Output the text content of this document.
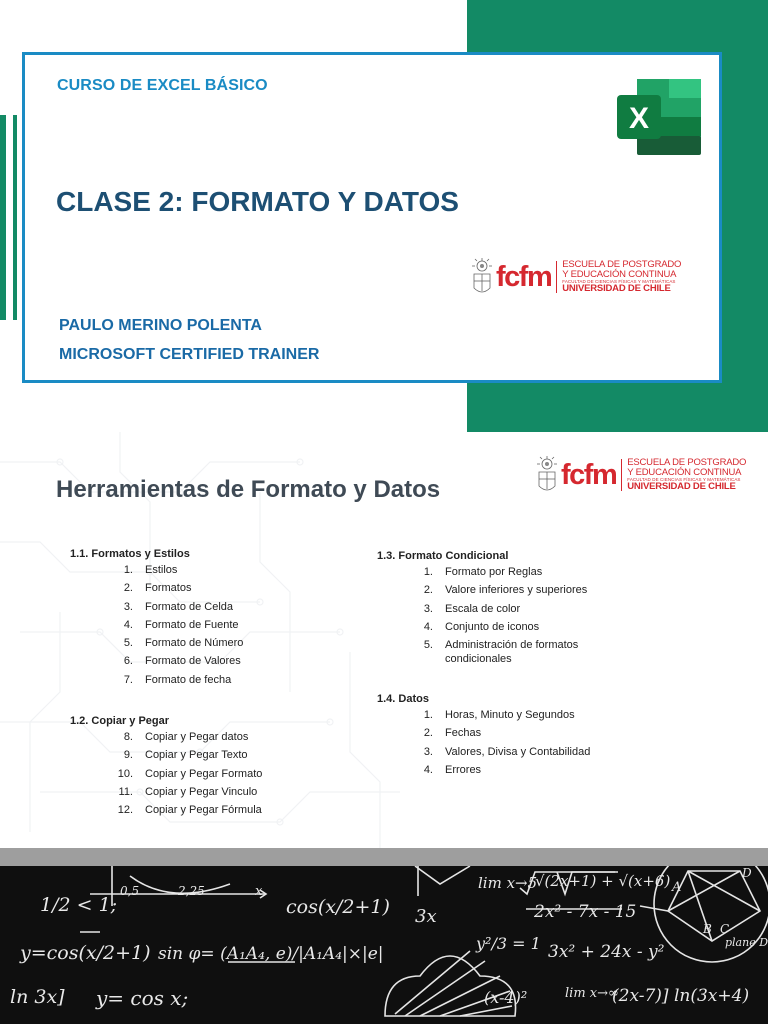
CURSO DE EXCEL BÁSICO
CLASE 2: FORMATO Y DATOS
PAULO MERINO POLENTA
MICROSOFT CERTIFIED TRAINER
X
fcfm ESCUELA DE POSTGRADO
Y EDUCACIÓN CONTINUA
FACULTAD DE CIENCIAS FÍSICAS Y MATEMÁTICAS
UNIVERSIDAD DE CHILE
Herramientas de Formato y Datos	fcfm ESCUELA DE POSTGRADO
Y EDUCACIÓN CONTINUA
FACULTAD DE CIENCIAS FÍSICAS Y MATEMÁTICAS
UNIVERSIDAD DE CHILE
1.1. Formatos y Estilos
1. Estilos
2. Formatos
3. Formato de Celda
4. Formato de Fuente
5. Formato de Número
6. Formato de Valores
7. Formato de fecha
1.2. Copiar y Pegar
8. Copiar y Pegar datos
9. Copiar y Pegar Texto
10. Copiar y Pegar Formato
11. Copiar y Pegar Vinculo
12. Copiar y Pegar Fórmula
1.3. Formato Condicional
1. Formato por Reglas
2. Valore inferiores y superiores
3. Escala de color
4. Conjunto de iconos
5. Administración de formatos condicionales
1.4. Datos
1. Horas, Minuto y Segundos
2. Fechas
3. Valores, Divisa y Contabilidad
4. Errores
1/2 < 1;
y=cos(x/2+1)
ln 3x] y= cos x;
sin φ= (A₁A₄, e)/|A₁A₄|×|e|
cos(x/2+1) 3x
0,5	2,25	x	lim x→5
√(2x+1) + √(x+6)
2x² - 7x - 15
y²/3 = 1 3x² + 24x - y²
(x-4)²	lim x→∞
(2x-7)] ln(3x+4)
A
B C
plane D
D
